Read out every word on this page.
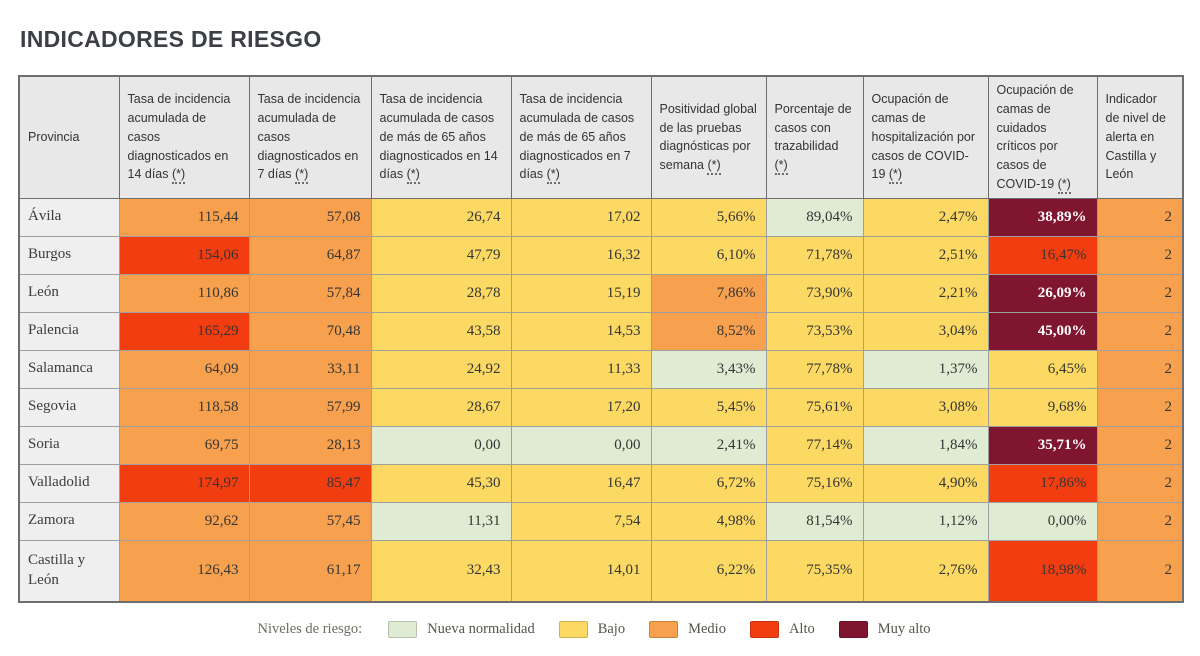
INDICADORES DE RIESGO
Provincia	Tasa de incidencia acumulada de casos diagnosticados en 14 días (*)	Tasa de incidencia acumulada de casos diagnosticados en 7 días (*)	Tasa de incidencia acumulada de casos de más de 65 años diagnosticados en 14 días (*)	Tasa de incidencia acumulada de casos de más de 65 años diagnosticados en 7 días (*)	Positividad global de las pruebas diagnósticas por semana (*)	Porcentaje de casos con trazabilidad (*)	Ocupación de camas de hospitalización por casos de COVID-19 (*)	Ocupación de camas de cuidados críticos por casos de COVID-19 (*)	Indicador de nivel de alerta en Castilla y León
Ávila	115,44	57,08	26,74	17,02	5,66%	89,04%	2,47%	38,89%	2
Burgos	154,06	64,87	47,79	16,32	6,10%	71,78%	2,51%	16,47%	2
León	110,86	57,84	28,78	15,19	7,86%	73,90%	2,21%	26,09%	2
Palencia	165,29	70,48	43,58	14,53	8,52%	73,53%	3,04%	45,00%	2
Salamanca	64,09	33,11	24,92	11,33	3,43%	77,78%	1,37%	6,45%	2
Segovia	118,58	57,99	28,67	17,20	5,45%	75,61%	3,08%	9,68%	2
Soria	69,75	28,13	0,00	0,00	2,41%	77,14%	1,84%	35,71%	2
Valladolid	174,97	85,47	45,30	16,47	6,72%	75,16%	4,90%	17,86%	2
Zamora	92,62	57,45	11,31	7,54	4,98%	81,54%	1,12%	0,00%	2
Castilla y León	126,43	61,17	32,43	14,01	6,22%	75,35%	2,76%	18,98%	2
Niveles de riesgo:	Nueva normalidad	Bajo	Medio	Alto	Muy alto
